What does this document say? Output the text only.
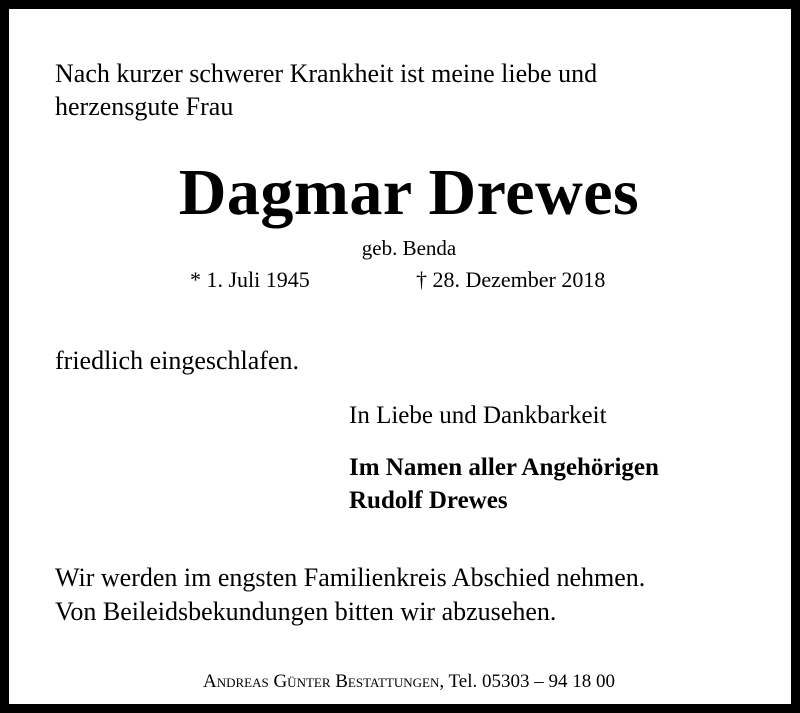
Nach kurzer schwerer Krankheit ist meine liebe und
herzensgute Frau
Dagmar Drewes
geb. Benda
* 1. Juli 1945	† 28. Dezember 2018
friedlich eingeschlafen.
In Liebe und Dankbarkeit
Im Namen aller Angehörigen
Rudolf Drewes
Wir werden im engsten Familienkreis Abschied nehmen.
Von Beileidsbekundungen bitten wir abzusehen.
Andreas Günter Bestattungen, Tel. 05303 – 94 18 00
